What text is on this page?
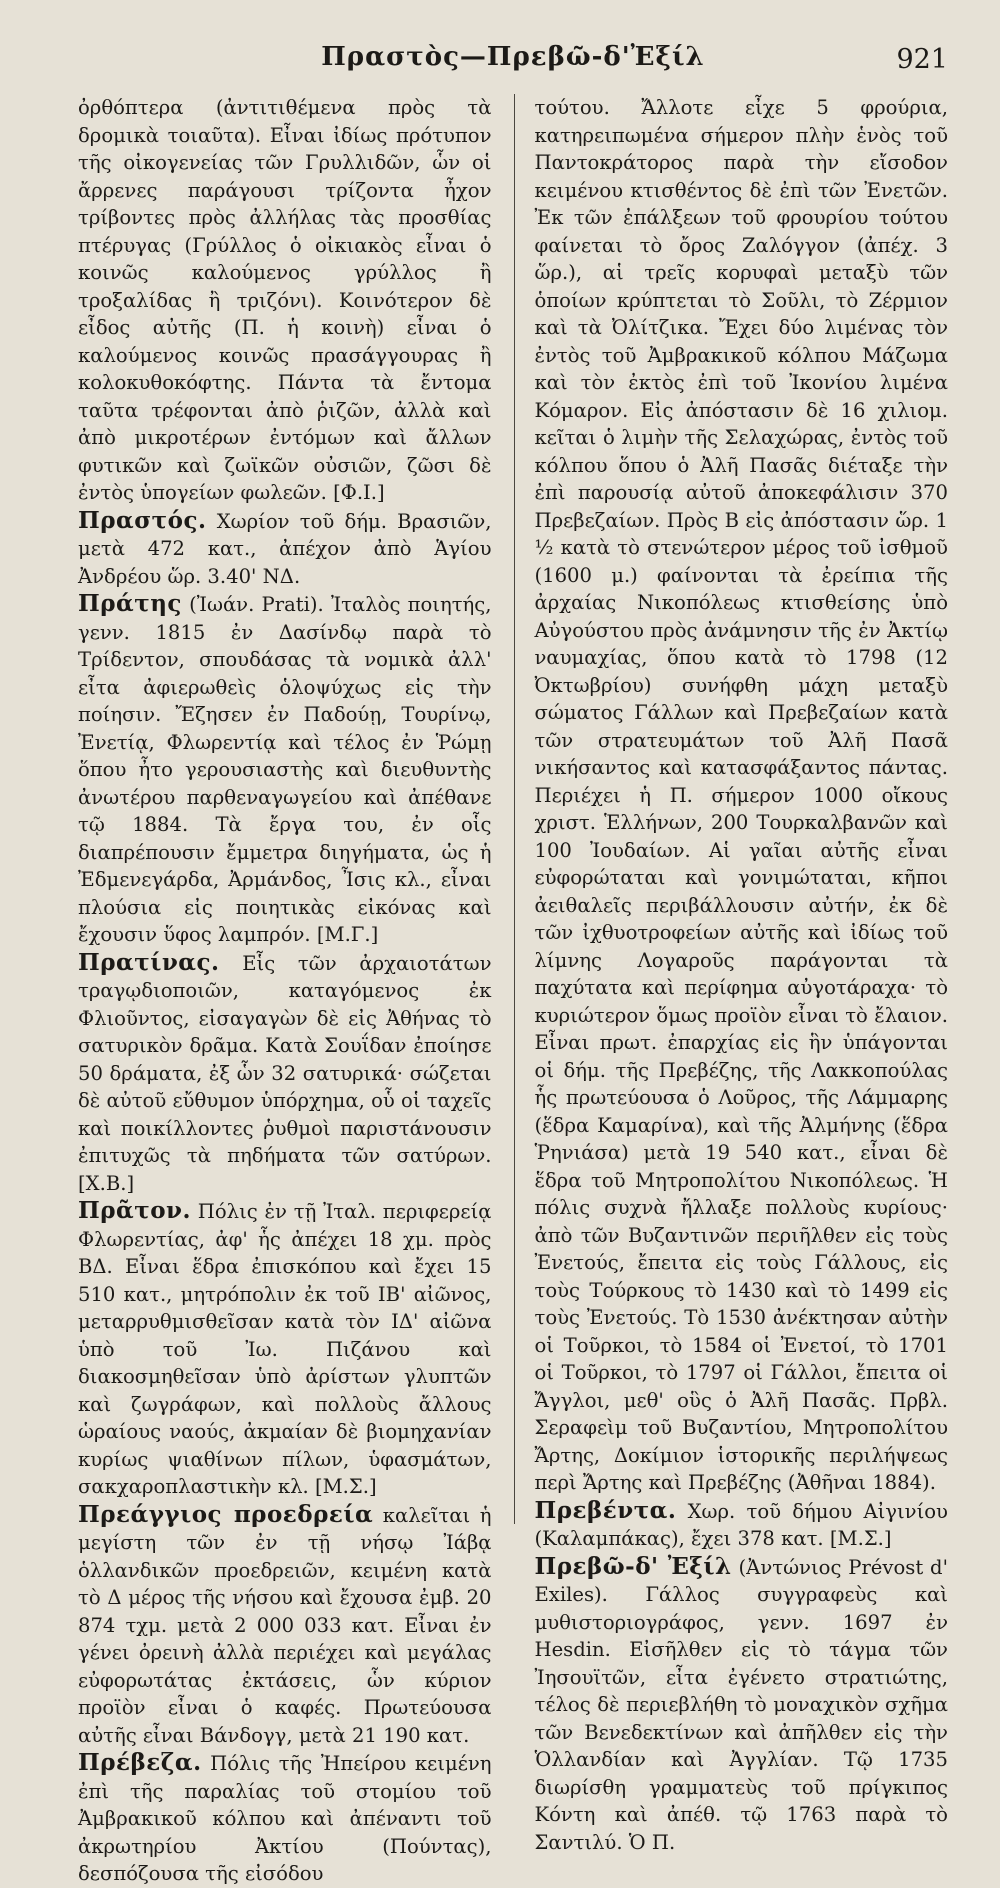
Πραστὸς—Πρεβῶ-δ'Ἐξίλ	921

ὀρθόπτερα (ἀντιτιθέμενα πρὸς τὰ δρομικὰ τοιαῦτα). Εἶναι ἰδίως πρότυπον τῆς οἰκογενείας τῶν Γρυλλιδῶν, ὧν οἱ ἄρρενες παράγουσι τρίζοντα ἦχον τρίβοντες πρὸς ἀλλήλας τὰς προσθίας πτέρυγας (Γρύλλος ὁ οἰκιακὸς εἶναι ὁ κοινῶς καλούμενος γρύλλος ἢ τροξαλίδας ἢ τριζόνι). Κοινότερον δὲ εἶδος αὐτῆς (Π. ἡ κοινὴ) εἶναι ὁ καλούμενος κοινῶς πρασάγγουρας ἢ κολοκυθοκόφτης. Πάντα τὰ ἔντομα ταῦτα τρέφονται ἀπὸ ῥιζῶν, ἀλλὰ καὶ ἀπὸ μικροτέρων ἐντόμων καὶ ἄλλων φυτικῶν καὶ ζωϊκῶν οὐσιῶν, ζῶσι δὲ ἐντὸς ὑπογείων φωλεῶν. [Φ.Ι.]

Πραστός. Χωρίον τοῦ δήμ. Βρασιῶν, μετὰ 472 κατ., ἀπέχον ἀπὸ Ἁγίου Ἀνδρέου ὥρ. 3.40' ΝΔ.

Πράτης (Ἰωάν. Prati). Ἰταλὸς ποιητής, γενν. 1815 ἐν Δασίνδῳ παρὰ τὸ Τρίδεντον, σπουδάσας τὰ νομικὰ ἀλλ' εἶτα ἀφιερωθεὶς ὁλοψύχως εἰς τὴν ποίησιν. Ἔζησεν ἐν Παδούῃ, Τουρίνῳ, Ἐνετίᾳ, Φλωρεντίᾳ καὶ τέλος ἐν Ῥώμῃ ὅπου ἦτο γερουσιαστὴς καὶ διευθυντὴς ἀνωτέρου παρθεναγωγείου καὶ ἀπέθανε τῷ 1884. Τὰ ἔργα του, ἐν οἷς διαπρέπουσιν ἔμμετρα διηγήματα, ὡς ἡ Ἐδμενεγάρδα, Ἀρμάνδος, Ἶσις κλ., εἶναι πλούσια εἰς ποιητικὰς εἰκόνας καὶ ἔχουσιν ὕφος λαμπρόν. [Μ.Γ.]

Πρατίνας. Εἷς τῶν ἀρχαιοτάτων τραγῳδιοποιῶν, καταγόμενος ἐκ Φλιοῦντος, εἰσαγαγὼν δὲ εἰς Ἀθήνας τὸ σατυρικὸν δρᾶμα. Κατὰ Σουΐδαν ἐποίησε 50 δράματα, ἐξ ὧν 32 σατυρικά· σώζεται δὲ αὐτοῦ εὔθυμον ὑπόρχημα, οὗ οἱ ταχεῖς καὶ ποικίλλοντες ῥυθμοὶ παριστάνουσιν ἐπιτυχῶς τὰ πηδήματα τῶν σατύρων. [Χ.Β.]

Πρᾶτον. Πόλις ἐν τῇ Ἰταλ. περιφερείᾳ Φλωρεντίας, ἀφ' ἧς ἀπέχει 18 χμ. πρὸς ΒΔ. Εἶναι ἕδρα ἐπισκόπου καὶ ἔχει 15 510 κατ., μητρόπολιν ἐκ τοῦ ΙΒ' αἰῶνος, μεταρρυθμισθεῖσαν κατὰ τὸν ΙΔ' αἰῶνα ὑπὸ τοῦ Ἰω. Πιζάνου καὶ διακοσμηθεῖσαν ὑπὸ ἀρίστων γλυπτῶν καὶ ζωγράφων, καὶ πολλοὺς ἄλλους ὡραίους ναούς, ἀκμαίαν δὲ βιομηχανίαν κυρίως ψιαθίνων πίλων, ὑφασμάτων, σακχαροπλαστικὴν κλ. [Μ.Σ.]

Πρεάγγιος προεδρεία καλεῖται ἡ μεγίστη τῶν ἐν τῇ νήσῳ Ἰάβᾳ ὁλλανδικῶν προεδρειῶν, κειμένη κατὰ τὸ Δ μέρος τῆς νήσου καὶ ἔχουσα ἐμβ. 20 874 τχμ. μετὰ 2 000 033 κατ. Εἶναι ἐν γένει ὀρεινὴ ἀλλὰ περιέχει καὶ μεγάλας εὐφορωτάτας ἐκτάσεις, ὧν κύριον προϊὸν εἶναι ὁ καφές. Πρωτεύουσα αὐτῆς εἶναι Βάνδογγ, μετὰ 21 190 κατ.

Πρέβεζα. Πόλις τῆς Ἠπείρου κειμένη ἐπὶ τῆς παραλίας τοῦ στομίου τοῦ Ἀμβρακικοῦ κόλπου καὶ ἀπέναντι τοῦ ἀκρωτηρίου Ἀκτίου (Πούντας), δεσπόζουσα τῆς εἰσόδου

τούτου. Ἄλλοτε εἶχε 5 φρούρια, κατηρειπωμένα σήμερον πλὴν ἑνὸς τοῦ Παντοκράτορος παρὰ τὴν εἴσοδον κειμένου κτισθέντος δὲ ἐπὶ τῶν Ἐνετῶν. Ἐκ τῶν ἐπάλξεων τοῦ φρουρίου τούτου φαίνεται τὸ ὄρος Ζαλόγγον (ἀπέχ. 3 ὥρ.), αἱ τρεῖς κορυφαὶ μεταξὺ τῶν ὁποίων κρύπτεται τὸ Σοῦλι, τὸ Ζέρμιον καὶ τὰ Ὀλίτζικα. Ἔχει δύο λιμένας τὸν ἐντὸς τοῦ Ἀμβρακικοῦ κόλπου Μάζωμα καὶ τὸν ἐκτὸς ἐπὶ τοῦ Ἰκονίου λιμένα Κόμαρον. Εἰς ἀπόστασιν δὲ 16 χιλιομ. κεῖται ὁ λιμὴν τῆς Σελαχώρας, ἐντὸς τοῦ κόλπου ὅπου ὁ Ἀλῆ Πασᾶς διέταξε τὴν ἐπὶ παρουσίᾳ αὐτοῦ ἀποκεφάλισιν 370 Πρεβεζαίων. Πρὸς Β εἰς ἀπόστασιν ὥρ. 1 ½ κατὰ τὸ στενώτερον μέρος τοῦ ἰσθμοῦ (1600 μ.) φαίνονται τὰ ἐρείπια τῆς ἀρχαίας Νικοπόλεως κτισθείσης ὑπὸ Αὐγούστου πρὸς ἀνάμνησιν τῆς ἐν Ἀκτίῳ ναυμαχίας, ὅπου κατὰ τὸ 1798 (12 Ὀκτωβρίου) συνήφθη μάχη μεταξὺ σώματος Γάλλων καὶ Πρεβεζαίων κατὰ τῶν στρατευμάτων τοῦ Ἀλῆ Πασᾶ νικήσαντος καὶ κατασφάξαντος πάντας. Περιέχει ἡ Π. σήμερον 1000 οἴκους χριστ. Ἑλλήνων, 200 Τουρκαλβανῶν καὶ 100 Ἰουδαίων. Αἱ γαῖαι αὐτῆς εἶναι εὐφορώταται καὶ γονιμώταται, κῆποι ἀειθαλεῖς περιβάλλουσιν αὐτήν, ἐκ δὲ τῶν ἰχθυοτροφείων αὐτῆς καὶ ἰδίως τοῦ λίμνης Λογαροῦς παράγονται τὰ παχύτατα καὶ περίφημα αὐγοτάραχα· τὸ κυριώτερον ὅμως προϊὸν εἶναι τὸ ἔλαιον. Εἶναι πρωτ. ἐπαρχίας εἰς ἣν ὑπάγονται οἱ δήμ. τῆς Πρεβέζης, τῆς Λακκοπούλας ἧς πρωτεύουσα ὁ Λοῦρος, τῆς Λάμμαρης (ἕδρα Καμαρίνα), καὶ τῆς Ἀλμήνης (ἕδρα Ῥηνιάσα) μετὰ 19 540 κατ., εἶναι δὲ ἕδρα τοῦ Μητροπολίτου Νικοπόλεως. Ἡ πόλις συχνὰ ἤλλαξε πολλοὺς κυρίους· ἀπὸ τῶν Βυζαντινῶν περιῆλθεν εἰς τοὺς Ἐνετούς, ἔπειτα εἰς τοὺς Γάλλους, εἰς τοὺς Τούρκους τὸ 1430 καὶ τὸ 1499 εἰς τοὺς Ἐνετούς. Τὸ 1530 ἀνέκτησαν αὐτὴν οἱ Τοῦρκοι, τὸ 1584 οἱ Ἐνετοί, τὸ 1701 οἱ Τοῦρκοι, τὸ 1797 οἱ Γάλλοι, ἔπειτα οἱ Ἄγγλοι, μεθ' οὓς ὁ Ἀλῆ Πασᾶς. Πρβλ. Σεραφεὶμ τοῦ Βυζαντίου, Μητροπολίτου Ἄρτης, Δοκίμιον ἱστορικῆς περιλήψεως περὶ Ἄρτης καὶ Πρεβέζης (Ἀθῆναι 1884).

Πρεβέντα. Χωρ. τοῦ δήμου Αἰγινίου (Καλαμπάκας), ἔχει 378 κατ. [Μ.Σ.]

Πρεβῶ-δ' Ἐξίλ (Ἀντώνιος Prévost d' Exiles). Γάλλος συγγραφεὺς καὶ μυθιστοριογράφος, γενν. 1697 ἐν Hesdin. Εἰσῆλθεν εἰς τὸ τάγμα τῶν Ἰησουϊτῶν, εἶτα ἐγένετο στρατιώτης, τέλος δὲ περιεβλήθη τὸ μοναχικὸν σχῆμα τῶν Βενεδεκτίνων καὶ ἀπῆλθεν εἰς τὴν Ὁλλανδίαν καὶ Ἀγγλίαν. Τῷ 1735 διωρίσθη γραμματεὺς τοῦ πρίγκιπος Κόντη καὶ ἀπέθ. τῷ 1763 παρὰ τὸ Σαντιλύ. Ὁ Π.
